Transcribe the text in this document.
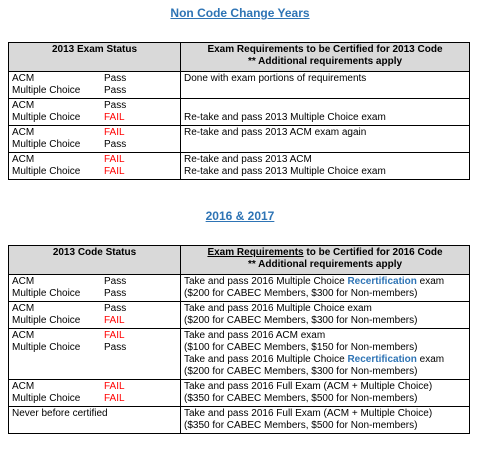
Non Code Change Years
2013 Exam Status	Exam Requirements to be Certified for 2013 Code
** Additional requirements apply

ACM Pass
Multiple Choice Pass	Done with exam portions of requirements

ACM Pass
Multiple Choice FAIL	Re-take and pass 2013 Multiple Choice exam

ACM FAIL
Multiple Choice Pass	Re-take and pass 2013 ACM exam again

ACM FAIL
Multiple Choice FAIL	Re-take and pass 2013 ACM
Re-take and pass 2013 Multiple Choice exam
2016 & 2017
2013 Code Status	Exam Requirements to be Certified for 2016 Code
** Additional requirements apply

ACM Pass
Multiple Choice Pass	Take and pass 2016 Multiple Choice Recertification exam
($200 for CABEC Members, $300 for Non-members)

ACM Pass
Multiple Choice FAIL	Take and pass 2016 Multiple Choice exam
($200 for CABEC Members, $300 for Non-members)

ACM FAIL
Multiple Choice Pass	Take and pass 2016 ACM exam
($100 for CABEC Members, $150 for Non-members)
Take and pass 2016 Multiple Choice Recertification exam
($200 for CABEC Members, $300 for Non-members)

ACM FAIL
Multiple Choice FAIL	Take and pass 2016 Full Exam (ACM + Multiple Choice)
($350 for CABEC Members, $500 for Non-members)

Never before certified	Take and pass 2016 Full Exam (ACM + Multiple Choice)
($350 for CABEC Members, $500 for Non-members)
